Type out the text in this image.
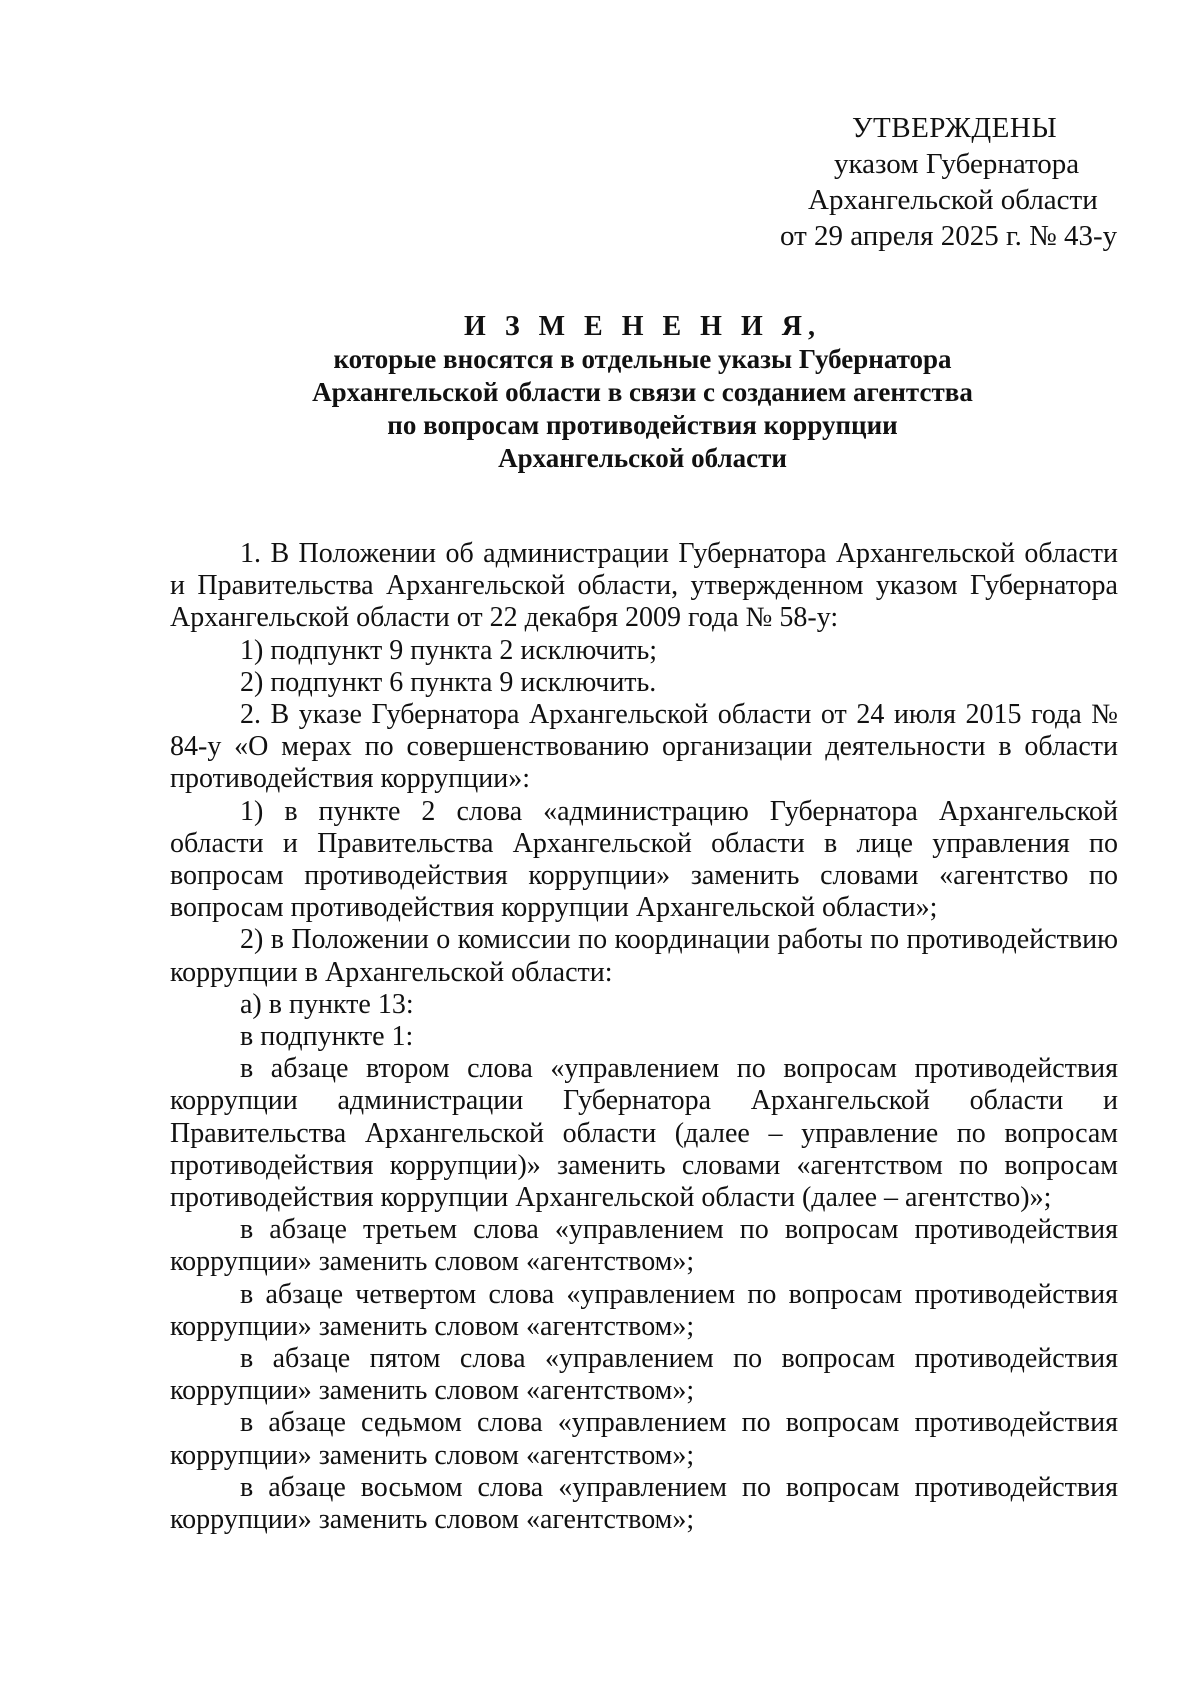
УТВЕРЖДЕНЫ
указом Губернатора
Архангельской области
от 29 апреля 2025 г. № 43-у
И З М Е Н Е Н И Я,
которые вносятся в отдельные указы Губернатора
Архангельской области в связи с созданием агентства
по вопросам противодействия коррупции
Архангельской области

1. В Положении об администрации Губернатора Архангельской области и Правительства Архангельской области, утвержденном указом Губернатора Архангельской области от 22 декабря 2009 года № 58-у:

1) подпункт 9 пункта 2 исключить;

2) подпункт 6 пункта 9 исключить.

2. В указе Губернатора Архангельской области от 24 июля 2015 года № 84-у «О мерах по совершенствованию организации деятельности в области противодействия коррупции»:

1) в пункте 2 слова «администрацию Губернатора Архангельской области и Правительства Архангельской области в лице управления по вопросам противодействия коррупции» заменить словами «агентство по вопросам противодействия коррупции Архангельской области»;

2) в Положении о комиссии по координации работы по противодействию коррупции в Архангельской области:

а) в пункте 13:

в подпункте 1:

в абзаце втором слова «управлением по вопросам противодействия коррупции администрации Губернатора Архангельской области и Правительства Архангельской области (далее – управление по вопросам противодействия коррупции)» заменить словами «агентством по вопросам противодействия коррупции Архангельской области (далее – агентство)»;

в абзаце третьем слова «управлением по вопросам противодействия коррупции» заменить словом «агентством»;

в абзаце четвертом слова «управлением по вопросам противодействия коррупции» заменить словом «агентством»;

в абзаце пятом слова «управлением по вопросам противодействия коррупции» заменить словом «агентством»;

в абзаце седьмом слова «управлением по вопросам противодействия коррупции» заменить словом «агентством»;

в абзаце восьмом слова «управлением по вопросам противодействия коррупции» заменить словом «агентством»;
